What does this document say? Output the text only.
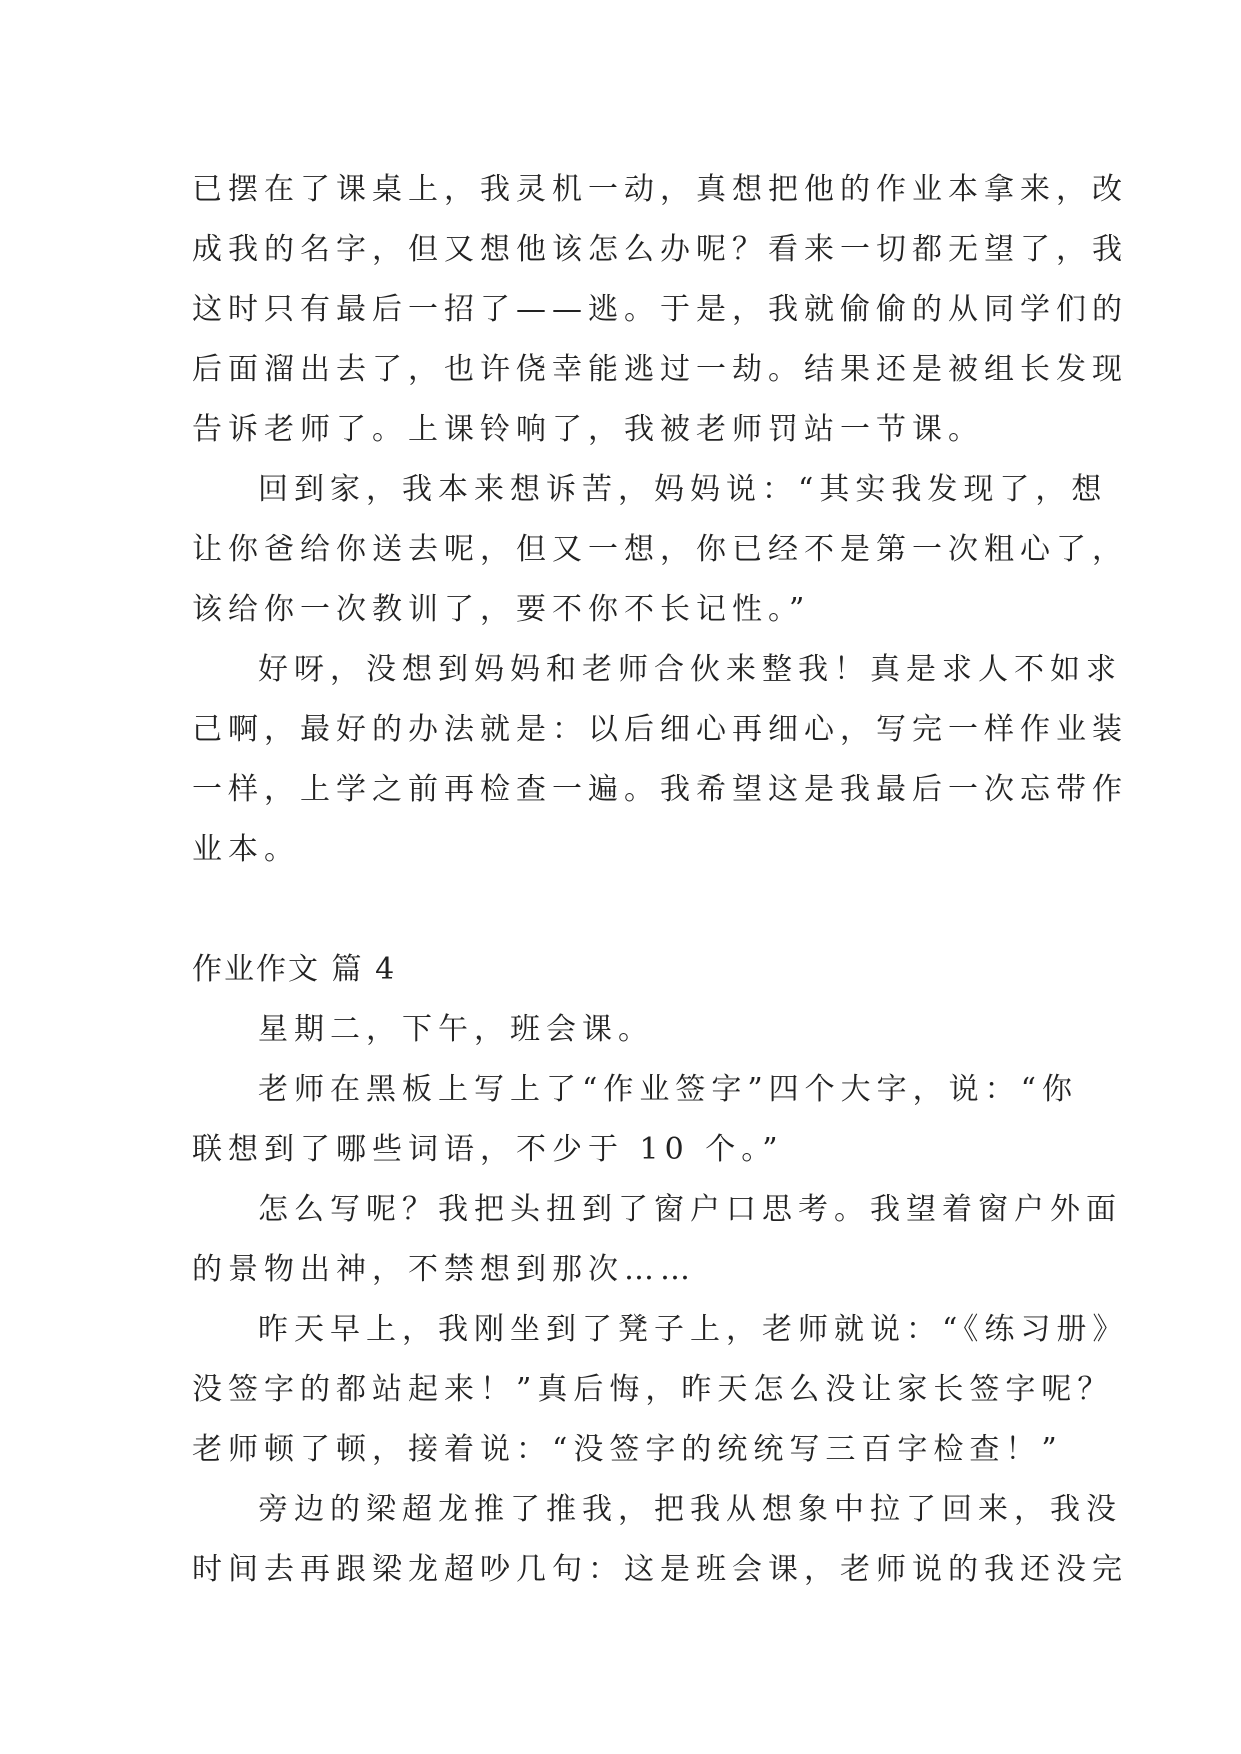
已摆在了课桌上，我灵机一动，真想把他的作业本拿来，改
成我的名字，但又想他该怎么办呢？看来一切都无望了，我
这时只有最后一招了——逃。于是，我就偷偷的从同学们的
后面溜出去了，也许侥幸能逃过一劫。结果还是被组长发现
告诉老师了。上课铃响了，我被老师罚站一节课。
回到家，我本来想诉苦，妈妈说：“其实我发现了，想
让你爸给你送去呢，但又一想，你已经不是第一次粗心了，
该给你一次教训了，要不你不长记性。”
好呀，没想到妈妈和老师合伙来整我！真是求人不如求
己啊，最好的办法就是：以后细心再细心，写完一样作业装
一样，上学之前再检查一遍。我希望这是我最后一次忘带作
业本。
作业作文 篇 4
星期二，下午，班会课。
老师在黑板上写上了“作业签字”四个大字，说：“你
联想到了哪些词语，不少于 10 个。”
怎么写呢？我把头扭到了窗户口思考。我望着窗户外面
的景物出神，不禁想到那次……
昨天早上，我刚坐到了凳子上，老师就说：“《练习册》
没签字的都站起来！”真后悔，昨天怎么没让家长签字呢？
老师顿了顿，接着说：“没签字的统统写三百字检查！”
旁边的梁超龙推了推我，把我从想象中拉了回来，我没
时间去再跟梁龙超吵几句：这是班会课，老师说的我还没完
